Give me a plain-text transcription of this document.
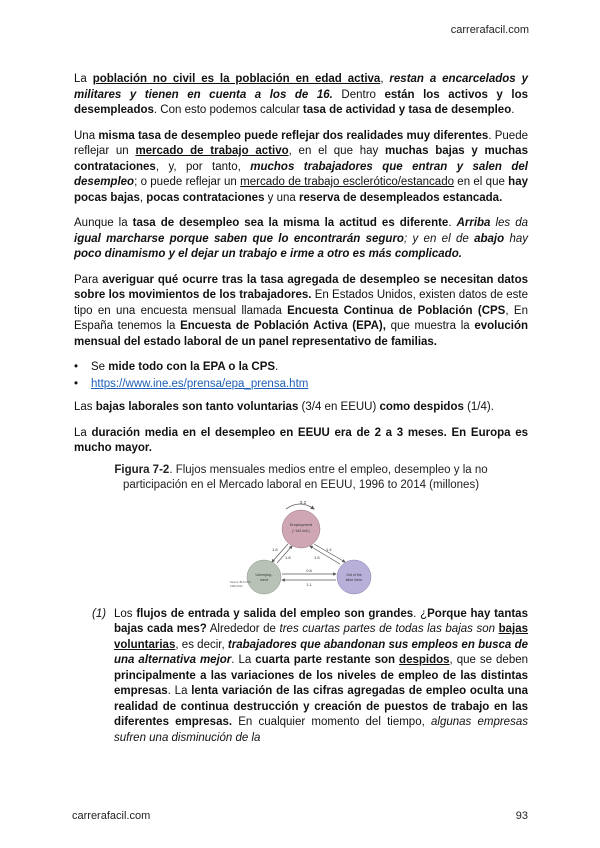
carrerafacil.com

La población no civil es la población en edad activa, restan a encarcelados y militares y tienen en cuenta a los de 16. Dentro están los activos y los desempleados. Con esto podemos calcular tasa de actividad y tasa de desempleo.

Una misma tasa de desempleo puede reflejar dos realidades muy diferentes. Puede reflejar un mercado de trabajo activo, en el que hay muchas bajas y muchas contrataciones, y, por tanto, muchos trabajadores que entran y salen del desempleo; o puede reflejar un mercado de trabajo esclerótico/estancado en el que hay pocas bajas, pocas contrataciones y una reserva de desempleados estancada.

Aunque la tasa de desempleo sea la misma la actitud es diferente. Arriba les da igual marcharse porque saben que lo encontrarán seguro; y en el de abajo hay poco dinamismo y el dejar un trabajo e irme a otro es más complicado.

Para averiguar qué ocurre tras la tasa agregada de desempleo se necesitan datos sobre los movimientos de los trabajadores. En Estados Unidos, existen datos de este tipo en una encuesta mensual llamada Encuesta Continua de Población (CPS, En España tenemos la Encuesta de Población Activa (EPA), que muestra la evolución mensual del estado laboral de un panel representativo de familias.

• Se mide todo con la EPA o la CPS.
• https://www.ine.es/prensa/epa_prensa.htm

Las bajas laborales son tanto voluntarias (3/4 en EEUU) como despidos (1/4).

La duración media en el desempleo en EEUU era de 2 a 3 meses. En Europa es mucho mayor.

Figura 7-2. Flujos mensuales medios entre el empleo, desempleo y la no participación en el Mercado laboral en EEUU, 1996 to 2014 (millones)
3.2
Employment
(~140 mill.)
Unemploy-
ment
Out of the
labor force
1.8
1.8
1.4
1.5
0.8
1.1
Source: BLS CPS
1996-2014
(1) Los flujos de entrada y salida del empleo son grandes. ¿Porque hay tantas bajas cada mes? Alrededor de tres cuartas partes de todas las bajas son bajas voluntarias, es decir, trabajadores que abandonan sus empleos en busca de una alternativa mejor. La cuarta parte restante son despidos, que se deben principalmente a las variaciones de los niveles de empleo de las distintas empresas. La lenta variación de las cifras agregadas de empleo oculta una realidad de continua destrucción y creación de puestos de trabajo en las diferentes empresas. En cualquier momento del tiempo, algunas empresas sufren una disminución de la
carrerafacil.com	93
